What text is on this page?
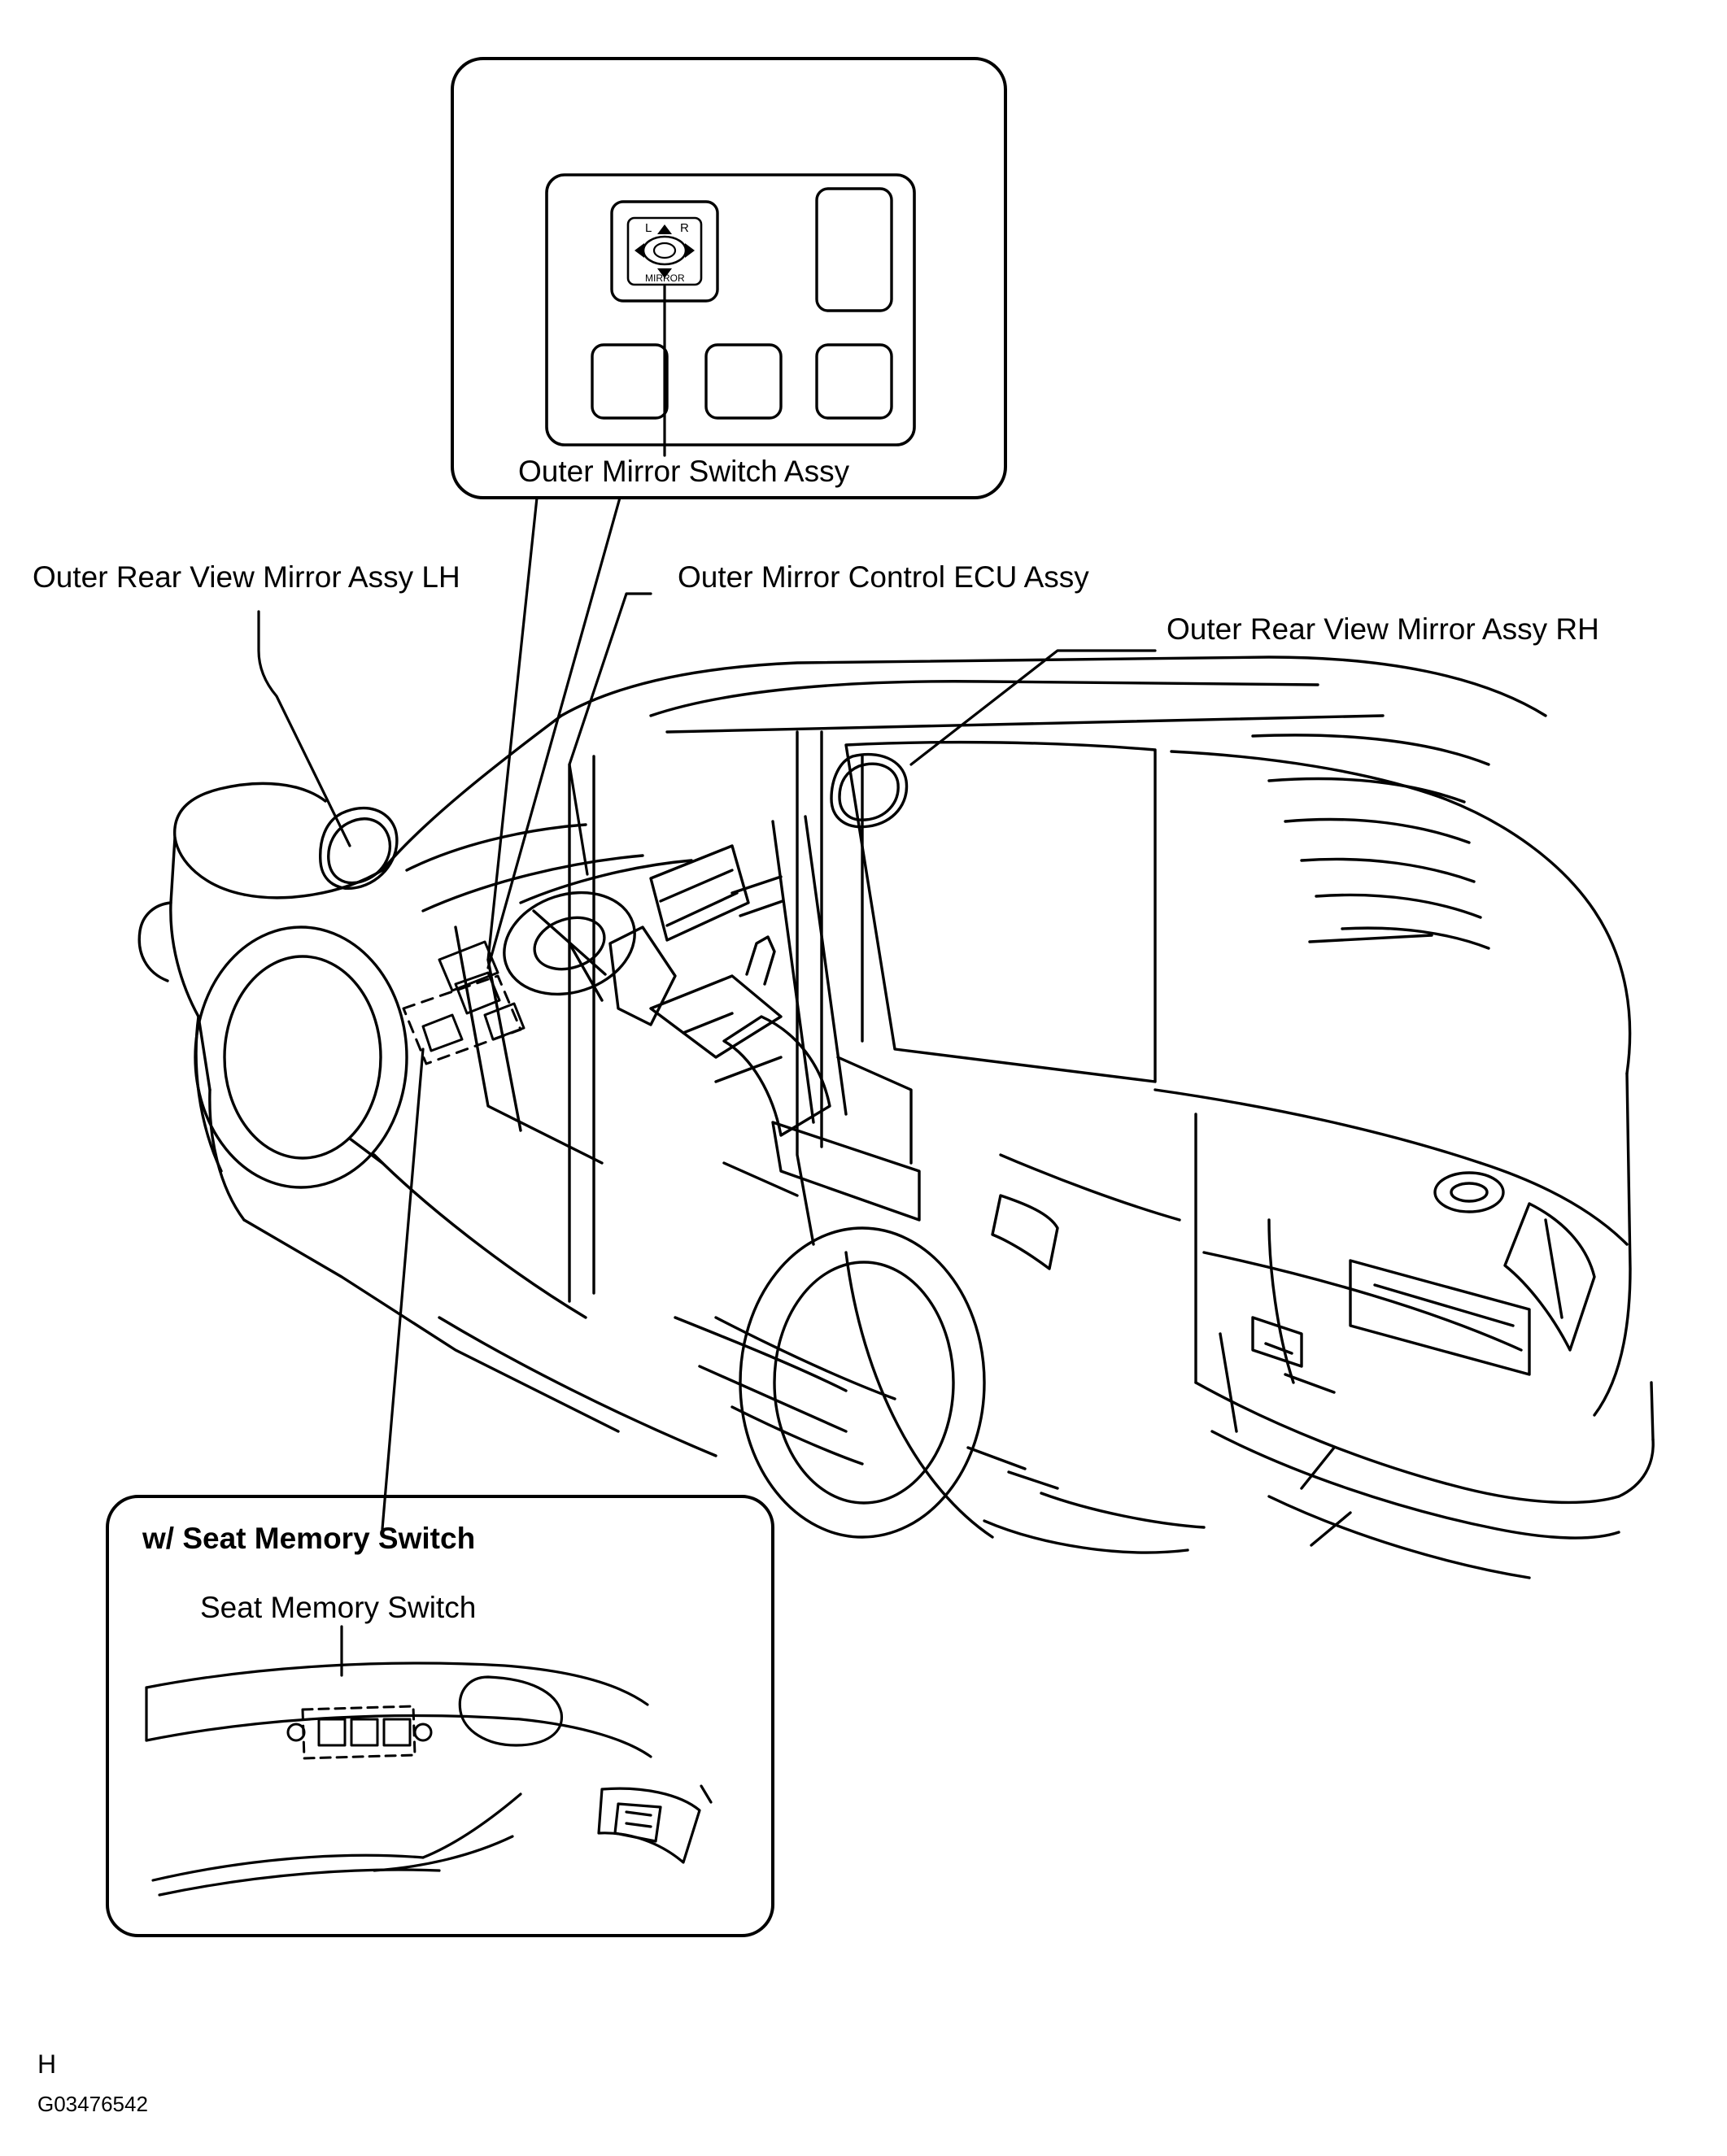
L R
MIRROR
Outer Mirror Switch Assy
Outer Rear View Mirror Assy LH	Outer Mirror Control ECU Assy
Outer Rear View Mirror Assy RH
w/ Seat Memory Switch
Seat Memory Switch
H
G03476542
